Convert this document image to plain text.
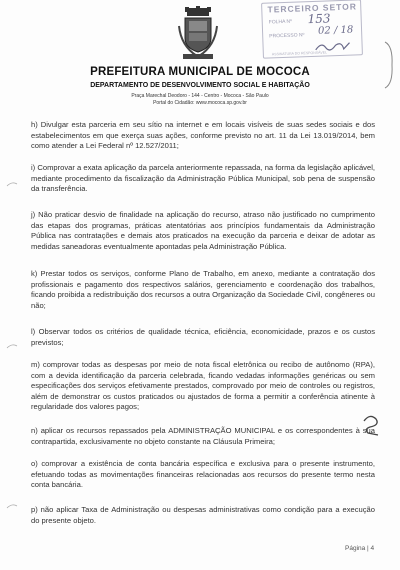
PREFEITURA MUNICIPAL DE MOCOCA
DEPARTAMENTO DE DESENVOLVIMENTO SOCIAL E HABITAÇÃO
Praça Marechal Deodoro - 144 - Centro - Mococa - São Paulo
Portal do Cidadão: www.mococa.sp.gov.br
TERCEIRO SETOR
FOLHA Nº 153
PROCESSO Nº 02 / 18
ASSINATURA DO RESPONSÁVEL
h) Divulgar esta parceria em seu sítio na internet e em locais visíveis de suas sedes sociais e dos estabelecimentos em que exerça suas ações, conforme previsto no art. 11 da Lei 13.019/2014, bem como atender a Lei Federal nº 12.527/2011;
i) Comprovar a exata aplicação da parcela anteriormente repassada, na forma da legislação aplicável, mediante procedimento da fiscalização da Administração Pública Municipal, sob pena de suspensão da transferência.
j) Não praticar desvio de finalidade na aplicação do recurso, atraso não justificado no cumprimento das etapas dos programas, práticas atentatórias aos princípios fundamentais da Administração Pública nas contratações e demais atos praticados na execução da parceria e deixar de adotar as medidas saneadoras eventualmente apontadas pela Administração Pública.
k) Prestar todos os serviços, conforme Plano de Trabalho, em anexo, mediante a contratação dos profissionais e pagamento dos respectivos salários, gerenciamento e coordenação dos trabalhos, ficando proibida a redistribuição dos recursos a outra Organização da Sociedade Civil, congêneres ou não;
l) Observar todos os critérios de qualidade técnica, eficiência, economicidade, prazos e os custos previstos;
m) comprovar todas as despesas por meio de nota fiscal eletrônica ou recibo de autônomo (RPA), com a devida identificação da parceria celebrada, ficando vedadas informações genéricas ou sem especificações dos serviços efetivamente prestados, comprovado por meio de controles ou registros, além de demonstrar os custos praticados ou ajustados de forma a permitir a conferência atinente à regularidade dos valores pagos;
n) aplicar os recursos repassados pela ADMINISTRAÇÃO MUNICIPAL e os correspondentes à sua contrapartida, exclusivamente no objeto constante na Cláusula Primeira;
o) comprovar a existência de conta bancária específica e exclusiva para o presente instrumento, efetuando todas as movimentações financeiras relacionadas aos recursos do presente termo nesta conta bancária.
p) não aplicar Taxa de Administração ou despesas administrativas como condição para a execução do presente objeto.
Página | 4
